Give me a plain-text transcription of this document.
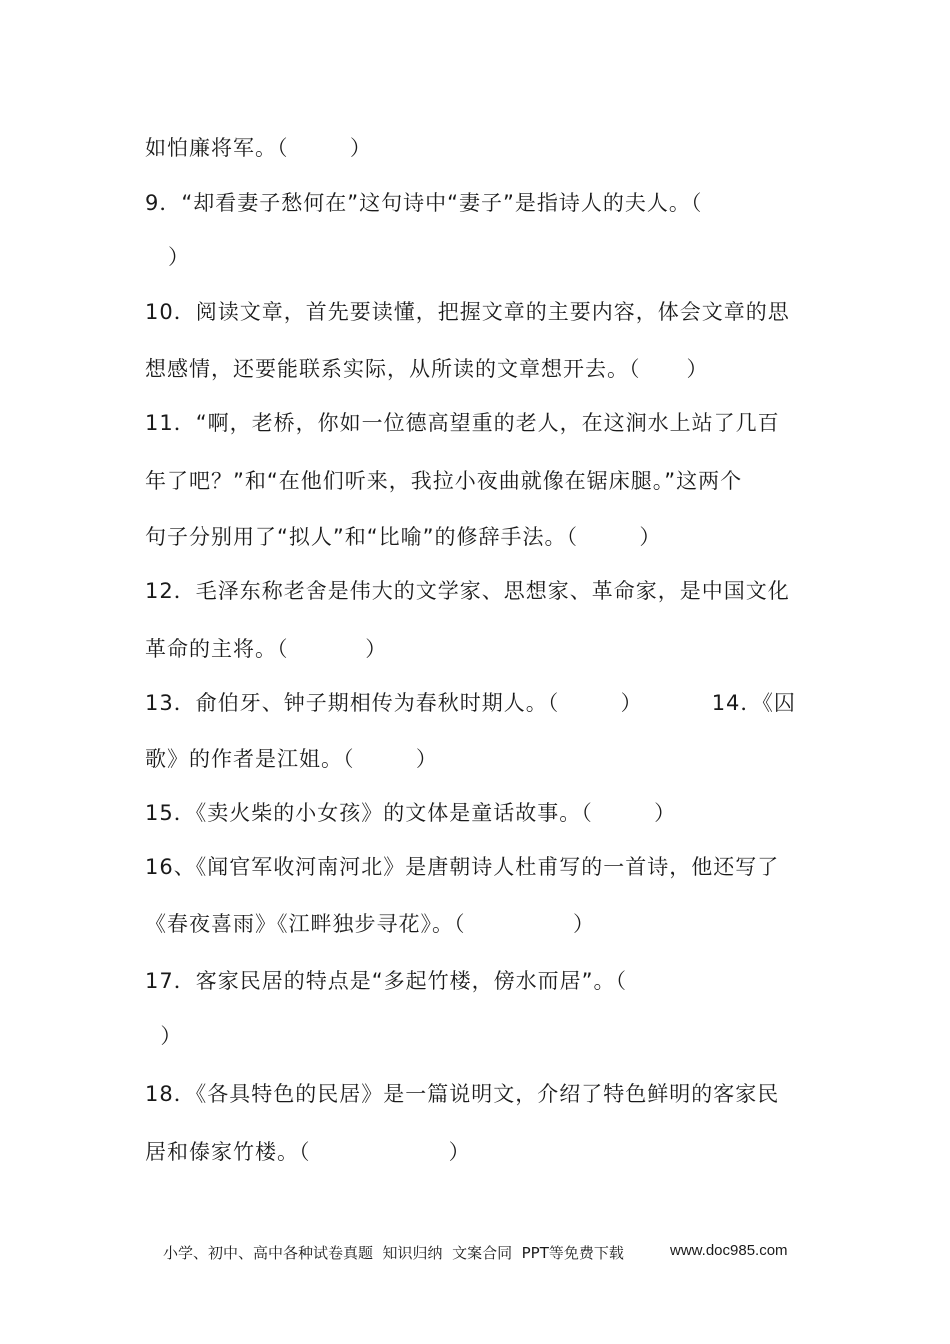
如怕廉将军。（        ）
9．“却看妻子愁何在”这句诗中“妻子”是指诗人的夫人。（
）
10．阅读文章，首先要读懂，把握文章的主要内容，体会文章的思
想感情，还要能联系实际，从所读的文章想开去。（      ）
11．“啊，老桥，你如一位德高望重的老人，在这涧水上站了几百
年了吧？”和“在他们听来，我拉小夜曲就像在锯床腿。”这两个
句子分别用了“拟人”和“比喻”的修辞手法。（        ）
12．毛泽东称老舍是伟大的文学家、思想家、革命家，是中国文化
革命的主将。（          ）
13．俞伯牙、钟子期相传为春秋时期人。（        ）         14．《囚
歌》的作者是江姐。（        ）
15．《卖火柴的小女孩》的文体是童话故事。（        ）
16、《闻官军收河南河北》是唐朝诗人杜甫写的一首诗，他还写了
《春夜喜雨》《江畔独步寻花》。（              ）
17．客家民居的特点是“多起竹楼，傍水而居”。（
）
18．《各具特色的民居》是一篇说明文，介绍了特色鲜明的客家民
居和傣家竹楼。（                  ）
小学、初中、高中各种试卷真题  知识归纳  文案合同  PPT等免费下载	www.doc985.com
